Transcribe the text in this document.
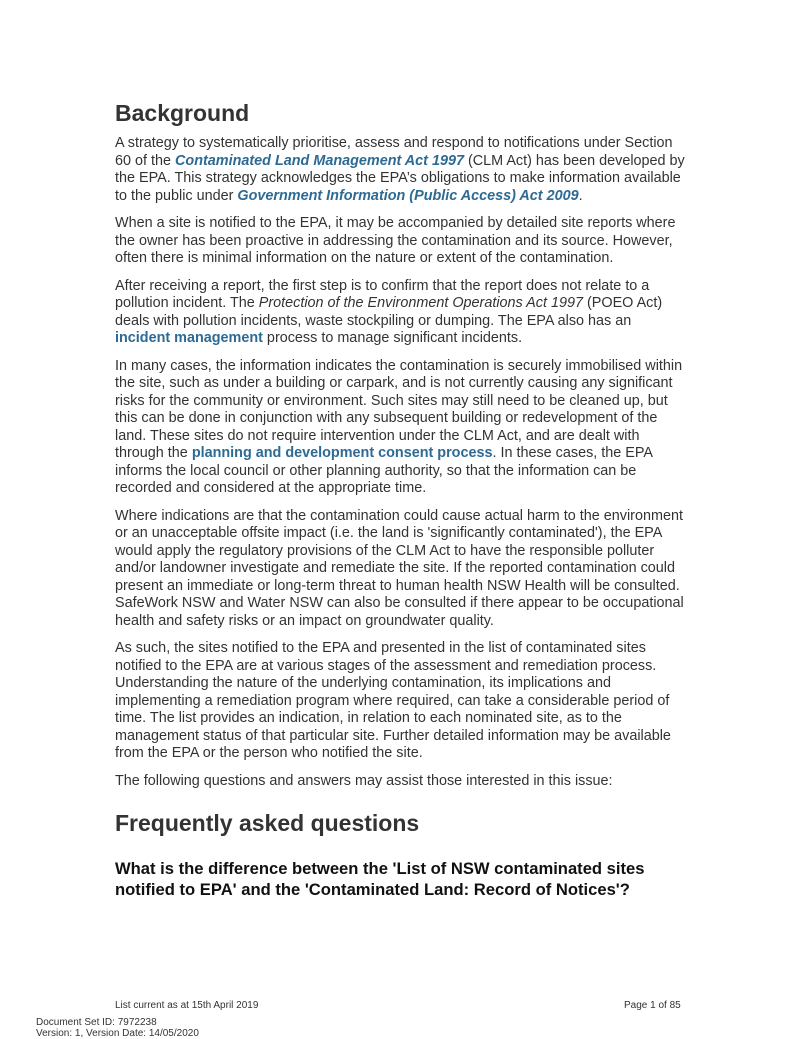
Background

A strategy to systematically prioritise, assess and respond to notifications under Section 60 of the Contaminated Land Management Act 1997 (CLM Act) has been developed by the EPA. This strategy acknowledges the EPA’s obligations to make information available to the public under Government Information (Public Access) Act 2009.

When a site is notified to the EPA, it may be accompanied by detailed site reports where the owner has been proactive in addressing the contamination and its source. However, often there is minimal information on the nature or extent of the contamination.

After receiving a report, the first step is to confirm that the report does not relate to a pollution incident. The Protection of the Environment Operations Act 1997 (POEO Act) deals with pollution incidents, waste stockpiling or dumping. The EPA also has an incident management process to manage significant incidents.

In many cases, the information indicates the contamination is securely immobilised within the site, such as under a building or carpark, and is not currently causing any significant risks for the community or environment. Such sites may still need to be cleaned up, but this can be done in conjunction with any subsequent building or redevelopment of the land. These sites do not require intervention under the CLM Act, and are dealt with through the planning and development consent process. In these cases, the EPA informs the local council or other planning authority, so that the information can be recorded and considered at the appropriate time.

Where indications are that the contamination could cause actual harm to the environment or an unacceptable offsite impact (i.e. the land is 'significantly contaminated'), the EPA would apply the regulatory provisions of the CLM Act to have the responsible polluter and/or landowner investigate and remediate the site. If the reported contamination could present an immediate or long-term threat to human health NSW Health will be consulted. SafeWork NSW and Water NSW can also be consulted if there appear to be occupational health and safety risks or an impact on groundwater quality.

As such, the sites notified to the EPA and presented in the list of contaminated sites notified to the EPA are at various stages of the assessment and remediation process. Understanding the nature of the underlying contamination, its implications and implementing a remediation program where required, can take a considerable period of time. The list provides an indication, in relation to each nominated site, as to the management status of that particular site. Further detailed information may be available from the EPA or the person who notified the site.

The following questions and answers may assist those interested in this issue:

Frequently asked questions
What is the difference between the 'List of NSW contaminated sites notified to EPA' and the 'Contaminated Land: Record of Notices'?
List current as at 15th April 2019	Page 1 of 85
Document Set ID: 7972238
Version: 1, Version Date: 14/05/2020
